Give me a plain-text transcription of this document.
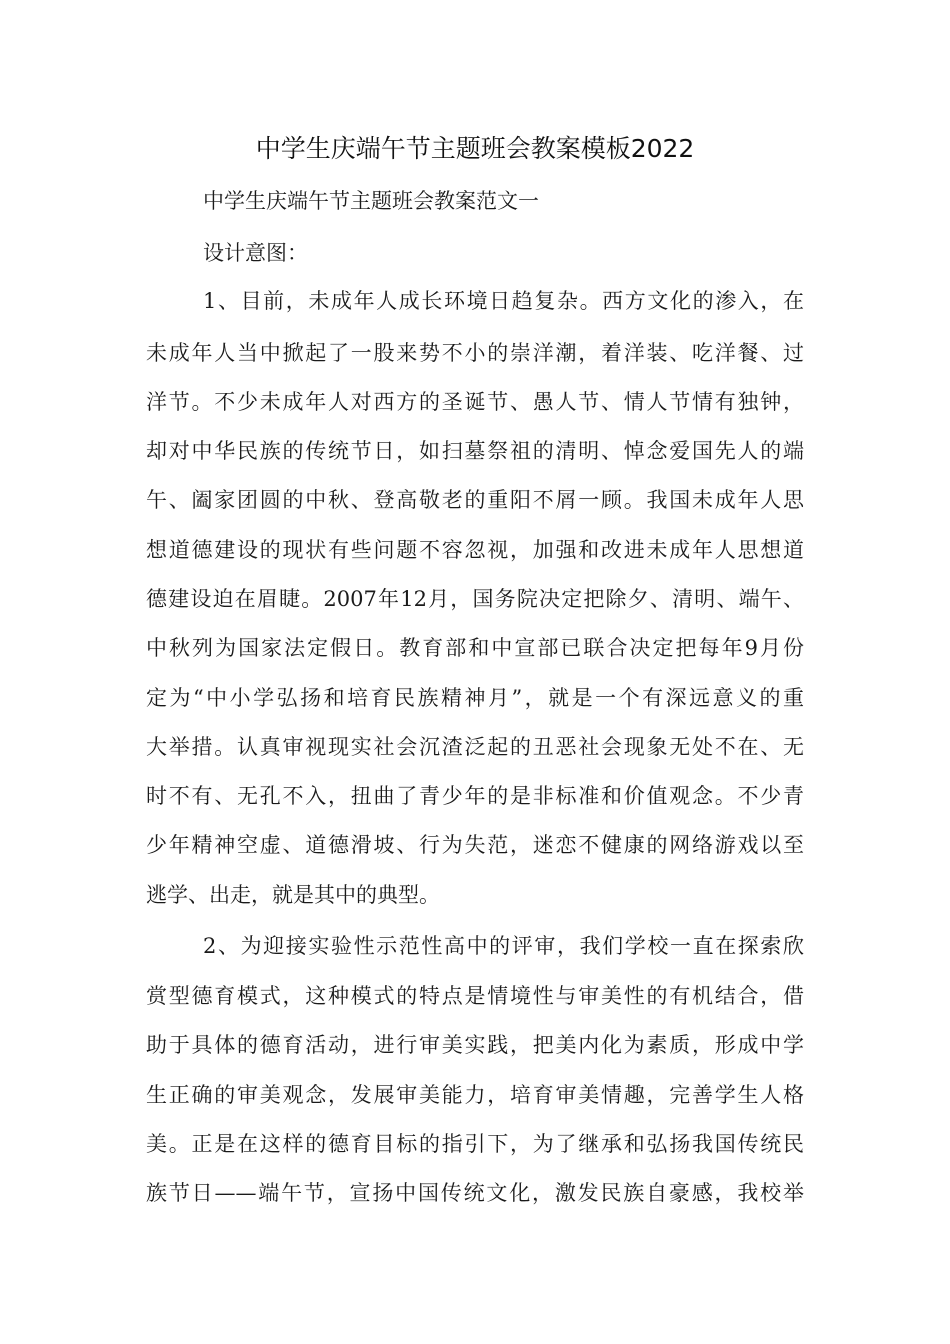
中学生庆端午节主题班会教案模板2022
中学生庆端午节主题班会教案范文一
设计意图：
1、目前，未成年人成长环境日趋复杂。西方文化的渗入，在
未成年人当中掀起了一股来势不小的崇洋潮，着洋装、吃洋餐、过
洋节。不少未成年人对西方的圣诞节、愚人节、情人节情有独钟，
却对中华民族的传统节日，如扫墓祭祖的清明、悼念爱国先人的端
午、阖家团圆的中秋、登高敬老的重阳不屑一顾。我国未成年人思
想道德建设的现状有些问题不容忽视，加强和改进未成年人思想道
德建设迫在眉睫。2007年12月，国务院决定把除夕、清明、端午、
中秋列为国家法定假日。教育部和中宣部已联合决定把每年9月份
定为“中小学弘扬和培育民族精神月”，就是一个有深远意义的重
大举措。认真审视现实社会沉渣泛起的丑恶社会现象无处不在、无
时不有、无孔不入，扭曲了青少年的是非标准和价值观念。不少青
少年精神空虚、道德滑坡、行为失范，迷恋不健康的网络游戏以至
逃学、出走，就是其中的典型。
2、为迎接实验性示范性高中的评审，我们学校一直在探索欣
赏型德育模式，这种模式的特点是情境性与审美性的有机结合，借
助于具体的德育活动，进行审美实践，把美内化为素质，形成中学
生正确的审美观念，发展审美能力，培育审美情趣，完善学生人格
美。正是在这样的德育目标的指引下，为了继承和弘扬我国传统民
族节日——端午节，宣扬中国传统文化，激发民族自豪感，我校举
